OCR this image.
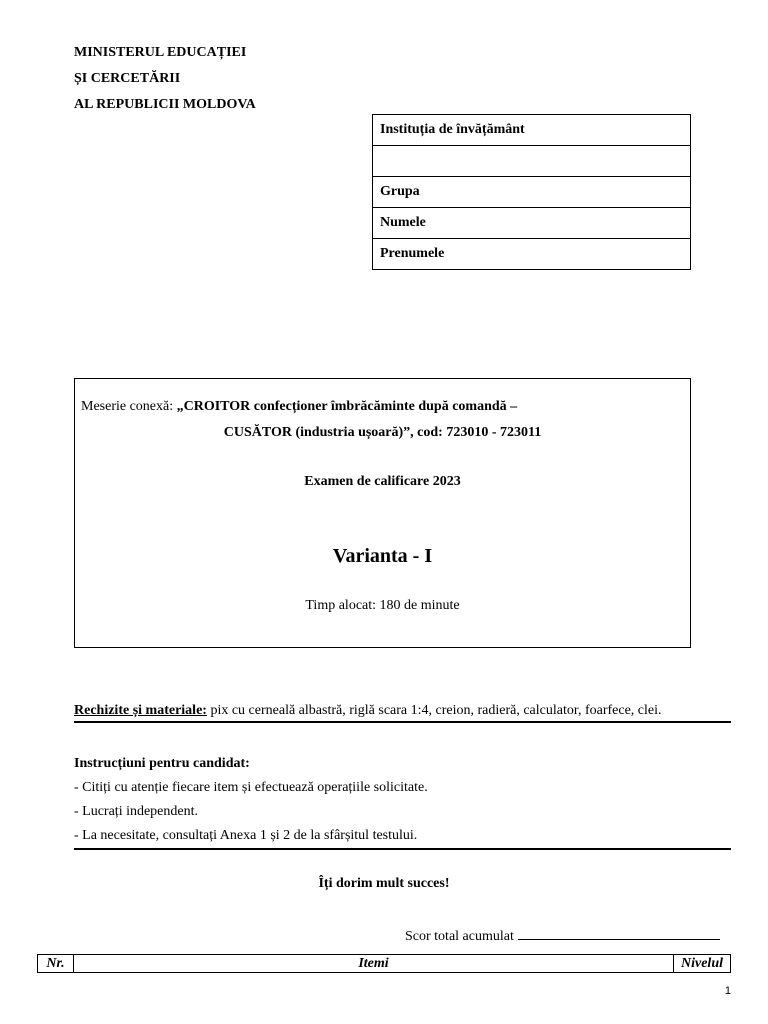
MINISTERUL EDUCAȚIEI
ȘI CERCETĂRII
AL REPUBLICII MOLDOVA
Instituția de învățământ

Grupa
Numele
Prenumele
Meserie conexă: „CROITOR confecționer îmbrăcăminte după comandă –
CUSĂTOR (industria ușoară)”, cod: 723010 - 723011
Examen de calificare 2023
Varianta - I
Timp alocat: 180 de minute
Rechizite și materiale: pix cu cerneală albastră, riglă scara 1:4, creion, radieră, calculator, foarfece, clei.
Instrucțiuni pentru candidat:
- Citiți cu atenție fiecare item și efectuează operațiile solicitate.
- Lucrați independent.
- La necesitate, consultați Anexa 1 și 2 de la sfârșitul testului.
Îți dorim mult succes!
Scor total acumulat
Nr.	Itemi	Nivelul
1
